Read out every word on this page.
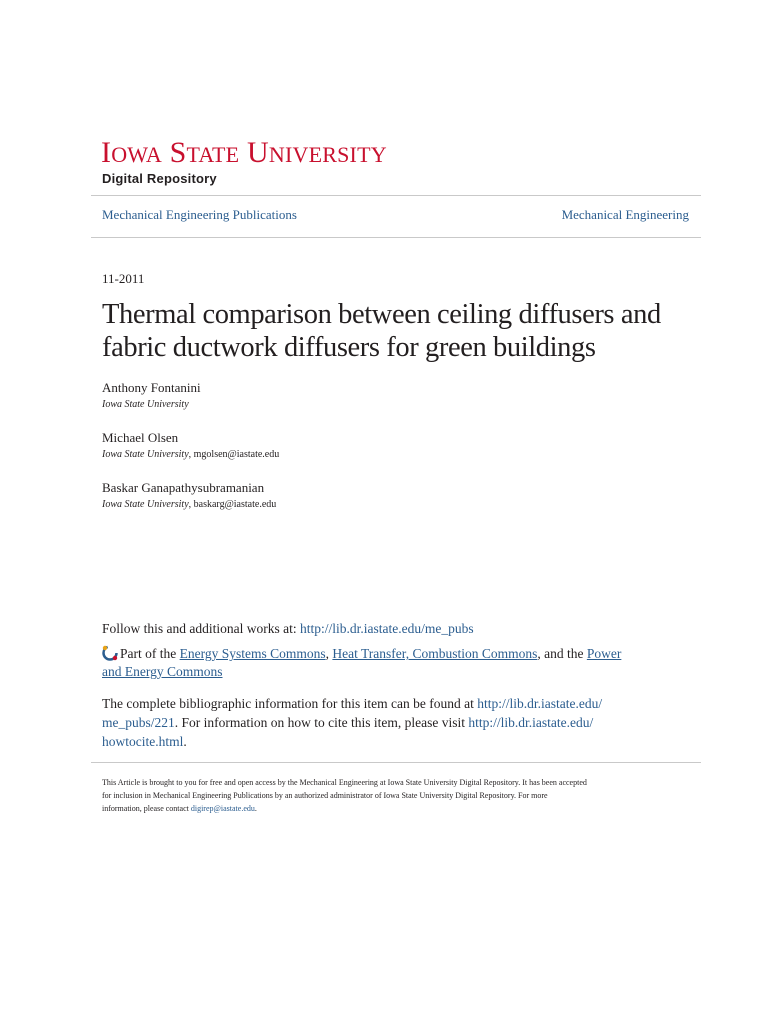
IOWA STATE UNIVERSITY
Digital Repository
Mechanical Engineering Publications	Mechanical Engineering
11-2011
Thermal comparison between ceiling diffusers and fabric ductwork diffusers for green buildings
Anthony Fontanini
Iowa State University
Michael Olsen
Iowa State University, mgolsen@iastate.edu
Baskar Ganapathysubramanian
Iowa State University, baskarg@iastate.edu
Follow this and additional works at: http://lib.dr.iastate.edu/me_pubs
Part of the Energy Systems Commons, Heat Transfer, Combustion Commons, and the Power
and Energy Commons
The complete bibliographic information for this item can be found at http://lib.dr.iastate.edu/
me_pubs/221. For information on how to cite this item, please visit http://lib.dr.iastate.edu/
howtocite.html.
This Article is brought to you for free and open access by the Mechanical Engineering at Iowa State University Digital Repository. It has been accepted
for inclusion in Mechanical Engineering Publications by an authorized administrator of Iowa State University Digital Repository. For more
information, please contact digirep@iastate.edu.
